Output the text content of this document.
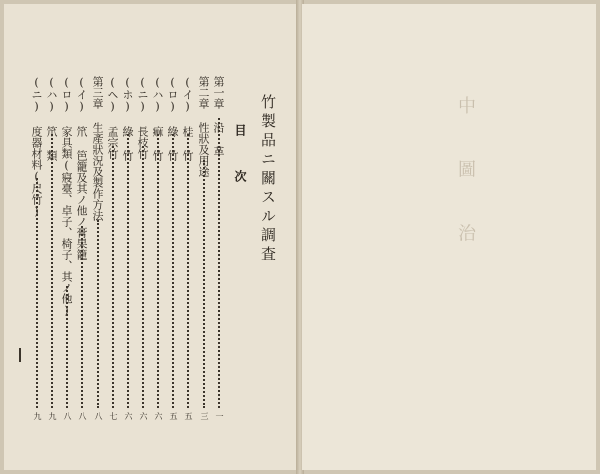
竹製品ニ關スル調査
目 次
第一章 沿 革
一
第二章 性狀及用途
三
(イ) 桂 竹
五
(ロ) 綠 竹
五
(ハ) 痲 竹
六
(ニ) 長枝竹
六
(ホ) 綠 竹
六
(ヘ) 孟宗竹
七
第三章 生產狀況及製作方法
八
(イ) 笊 笆籠及其ノ他ノ膏果籠
八
(ロ) 家具類(寢臺、卓子、椅子、其ノ他)
八
(ハ) 笊 類
九
(ニ) 度器材料(尺竹)
九
中 圖 治
